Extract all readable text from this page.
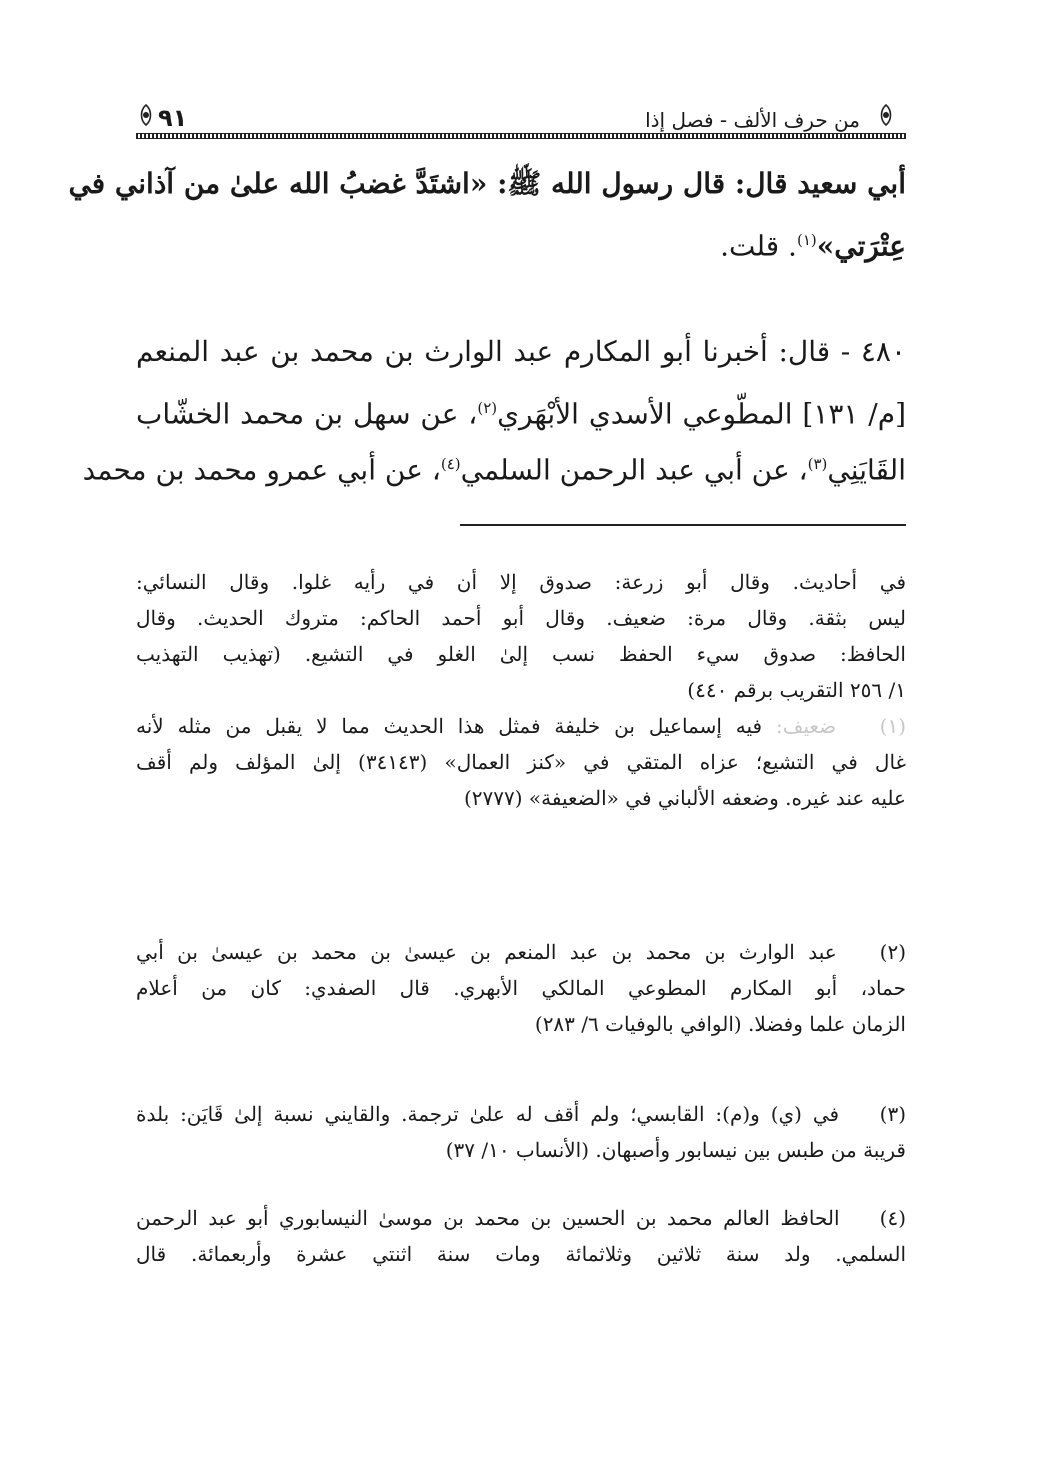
٩١	من حرف الألف - فصل إذا
أبي سعيد قال: قال رسول الله ﷺ: «اشتَدَّ غضبُ الله علىٰ من آذاني في
عِتْرَتي»$^{(١)}$. قلت.
٤٨٠ - قال: أخبرنا أبو المكارم عبد الوارث بن محمد بن عبد المنعم
[م/ ١٣١] المطّوعي الأسدي الأبْهَري$^{(٢)}$، عن سهل بن محمد الخشّاب
القَايَنِي$^{(٣)}$، عن أبي عبد الرحمن السلمي$^{(٤)}$، عن أبي عمرو محمد بن محمد
في أحاديث. وقال أبو زرعة: صدوق إلا أن في رأيه غلوا. وقال النسائي:
ليس بثقة. وقال مرة: ضعيف. وقال أبو أحمد الحاكم: متروك الحديث. وقال
الحافظ: صدوق سيء الحفظ نسب إلىٰ الغلو في التشيع. (تهذيب التهذيب
١/ ٢٥٦ التقريب برقم ٤٤٠)
(١) ضعيف: فيه إسماعيل بن خليفة فمثل هذا الحديث مما لا يقبل من مثله لأنه
غال في التشيع؛ عزاه المتقي في «كنز العمال» (٣٤١٤٣) إلىٰ المؤلف ولم أقف
عليه عند غيره. وضعفه الألباني في «الضعيفة» (٢٧٧٧)
(٢) عبد الوارث بن محمد بن عبد المنعم بن عيسىٰ بن محمد بن عيسىٰ بن أبي
حماد، أبو المكارم المطوعي المالكي الأبهري. قال الصفدي: كان من أعلام
الزمان علما وفضلا. (الوافي بالوفيات ٦/ ٢٨٣)
(٣) في (ي) و(م): القابسي؛ ولم أقف له علىٰ ترجمة. والقايني نسبة إلىٰ قَايَن: بلدة
قريبة من طبس بين نيسابور وأصبهان. (الأنساب ١٠/ ٣٧)
(٤) الحافظ العالم محمد بن الحسين بن محمد بن موسىٰ النيسابوري أبو عبد الرحمن
السلمي. ولد سنة ثلاثين وثلاثمائة ومات سنة اثنتي عشرة وأربعمائة. قال
